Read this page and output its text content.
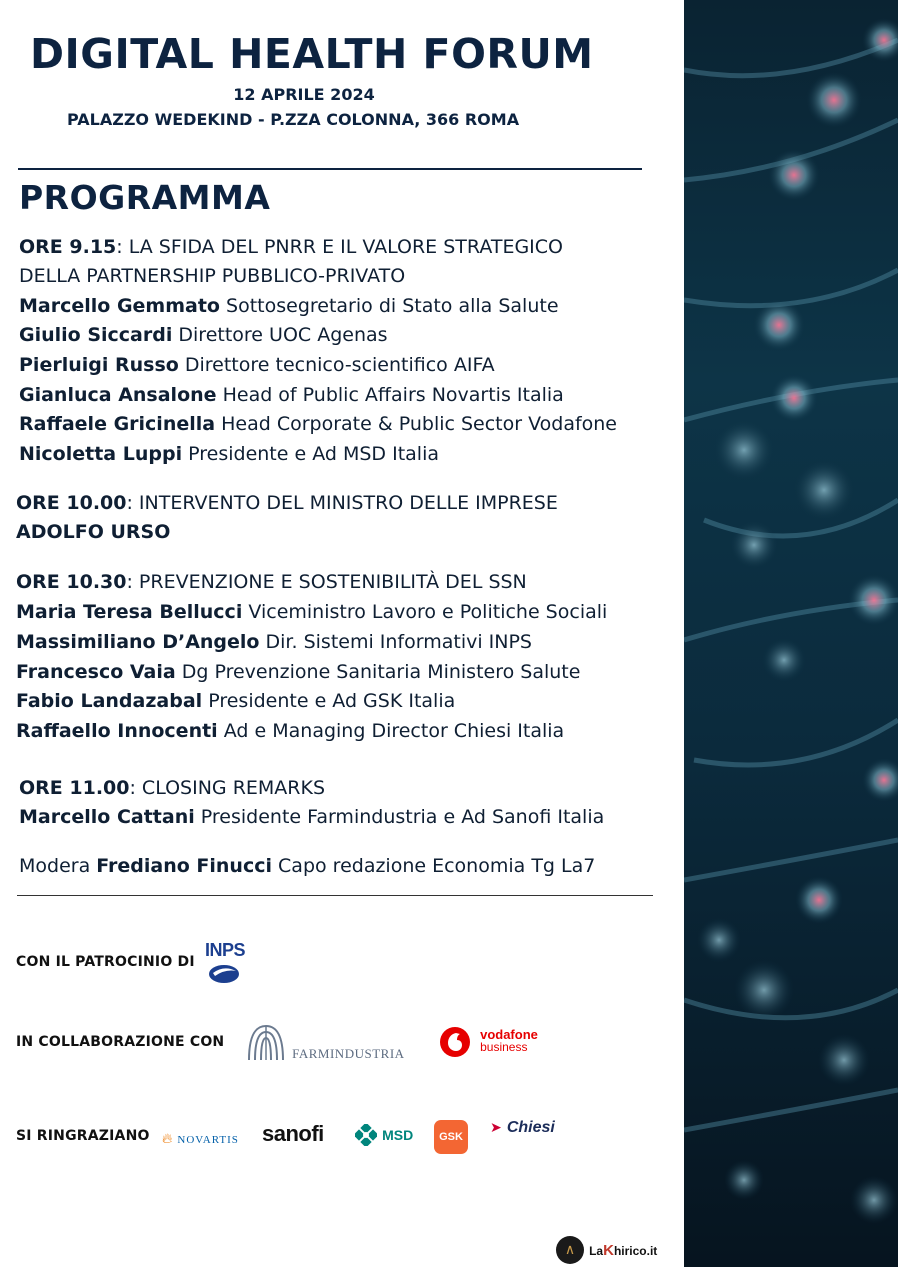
DIGITAL HEALTH FORUM
12 APRILE 2024
PALAZZO WEDEKIND - P.ZZA COLONNA, 366 ROMA
PROGRAMMA
ORE 9.15: LA SFIDA DEL PNRR E IL VALORE STRATEGICO
DELLA PARTNERSHIP PUBBLICO-PRIVATO
Marcello Gemmato Sottosegretario di Stato alla Salute
Giulio Siccardi Direttore UOC Agenas
Pierluigi Russo Direttore tecnico-scientifico AIFA
Gianluca Ansalone Head of Public Affairs Novartis Italia
Raffaele Gricinella Head Corporate & Public Sector Vodafone
Nicoletta Luppi Presidente e Ad MSD Italia
ORE 10.00: INTERVENTO DEL MINISTRO DELLE IMPRESE
ADOLFO URSO
ORE 10.30: PREVENZIONE E SOSTENIBILITÀ DEL SSN
Maria Teresa Bellucci Viceministro Lavoro e Politiche Sociali
Massimiliano D’Angelo Dir. Sistemi Informativi INPS
Francesco Vaia Dg Prevenzione Sanitaria Ministero Salute
Fabio Landazabal Presidente e Ad GSK Italia
Raffaello Innocenti Ad e Managing Director Chiesi Italia
ORE 11.00: CLOSING REMARKS
Marcello Cattani Presidente Farmindustria e Ad Sanofi Italia
Modera Frediano Finucci Capo redazione Economia Tg La7
CON IL PATROCINIO DI
INPS
IN COLLABORAZIONE CON
FARMINDUSTRIA

vodafone
business
SI RINGRAZIANO 🔥︎ NOVARTIS sanofi	MSD	GSK
➤ Chiesi
∧ LaKhirico.it
